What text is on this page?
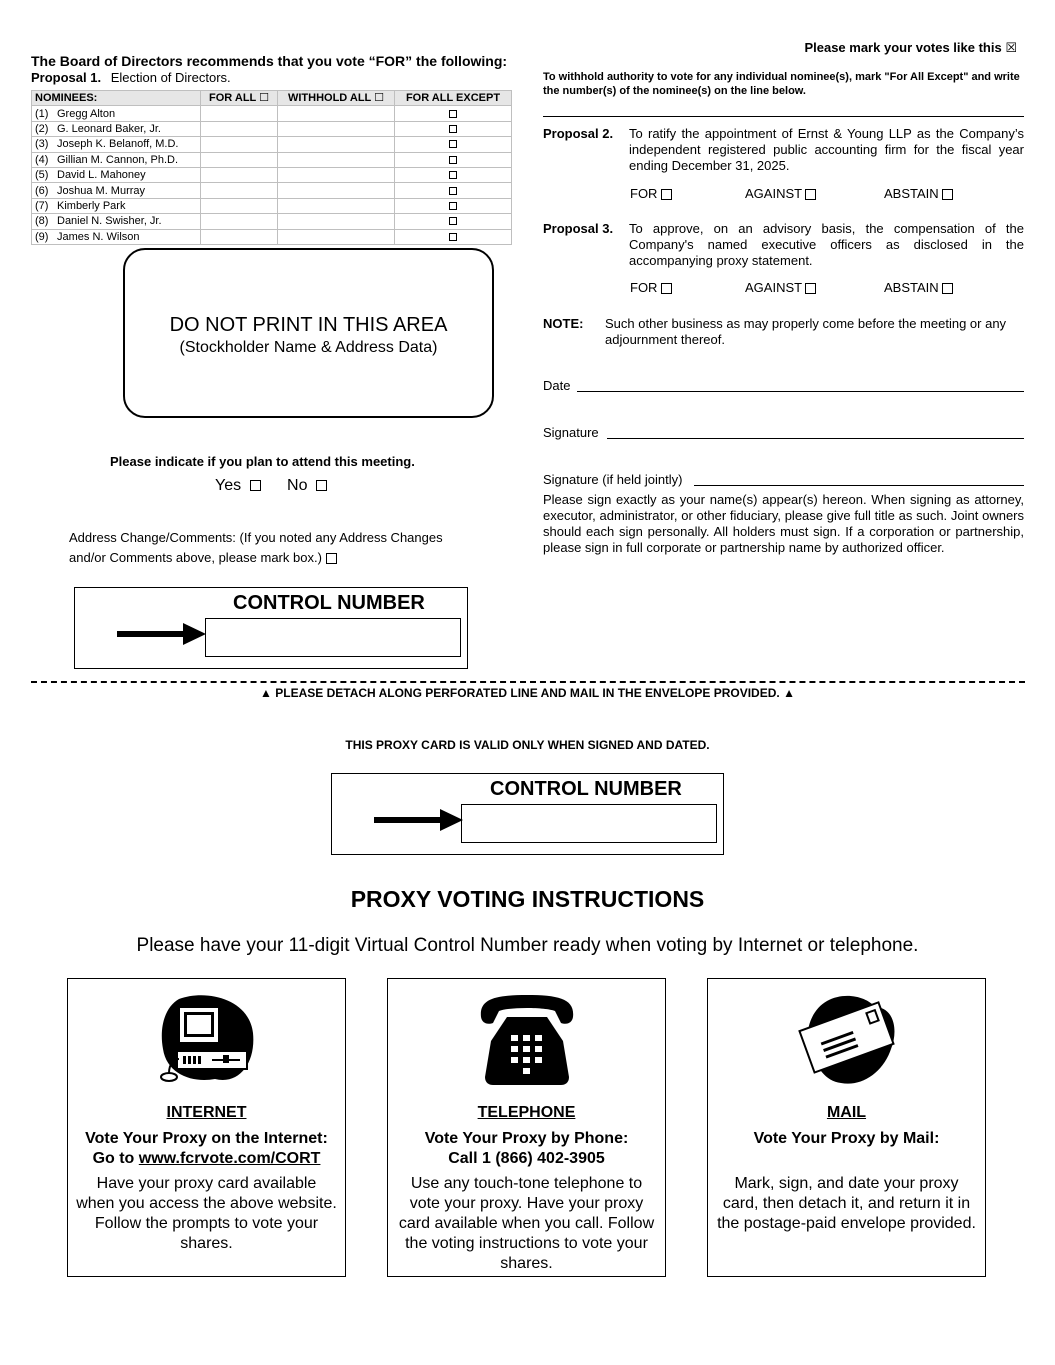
The Board of Directors recommends that you vote “FOR” the following:
Proposal 1. Election of Directors.
NOMINEES:	FOR ALL ☐	WITHHOLD ALL ☐	FOR ALL EXCEPT
(1) Gregg Alton			
(2) G. Leonard Baker, Jr.			
(3) Joseph K. Belanoff, M.D.			
(4) Gillian M. Cannon, Ph.D.			
(5) David L. Mahoney			
(6) Joshua M. Murray			
(7) Kimberly Park			
(8) Daniel N. Swisher, Jr.			
(9) James N. Wilson			
DO NOT PRINT IN THIS AREA
(Stockholder Name & Address Data)
Please indicate if you plan to attend this meeting.
Yes	No
Address Change/Comments: (If you noted any Address Changes
and/or Comments above, please mark box.)
CONTROL NUMBER
Please mark your votes like this ☒
To withhold authority to vote for any individual nominee(s), mark "For All Except" and write the number(s) of the nominee(s) on the line below.
Proposal 2. To ratify the appointment of Ernst & Young LLP as the Company’s independent registered public accounting firm for the fiscal year ending December 31, 2025.
FOR	AGAINST	ABSTAIN
Proposal 3. To approve, on an advisory basis, the compensation of the Company's named executive officers as disclosed in the accompanying proxy statement.
FOR	AGAINST	ABSTAIN
NOTE: Such other business as may properly come before the meeting or any adjournment thereof.
Date
Signature
Signature (if held jointly)
Please sign exactly as your name(s) appear(s) hereon. When signing as attorney, executor, administrator, or other fiduciary, please give full title as such. Joint owners should each sign personally. All holders must sign. If a corporation or partnership, please sign in full corporate or partnership name by authorized officer.
▲ PLEASE DETACH ALONG PERFORATED LINE AND MAIL IN THE ENVELOPE PROVIDED. ▲
THIS PROXY CARD IS VALID ONLY WHEN SIGNED AND DATED.
CONTROL NUMBER
PROXY VOTING INSTRUCTIONS
Please have your 11-digit Virtual Control Number ready when voting by Internet or telephone.
INTERNET
Vote Your Proxy on the Internet:
Go to www.fcrvote.com/CORT
Have your proxy card available when you access the above website. Follow the prompts to vote your shares.
TELEPHONE
Vote Your Proxy by Phone:
Call 1 (866) 402-3905
Use any touch-tone telephone to vote your proxy. Have your proxy card available when you call. Follow the voting instructions to vote your shares.
MAIL
Vote Your Proxy by Mail:
Mark, sign, and date your proxy card, then detach it, and return it in the postage-paid envelope provided.
